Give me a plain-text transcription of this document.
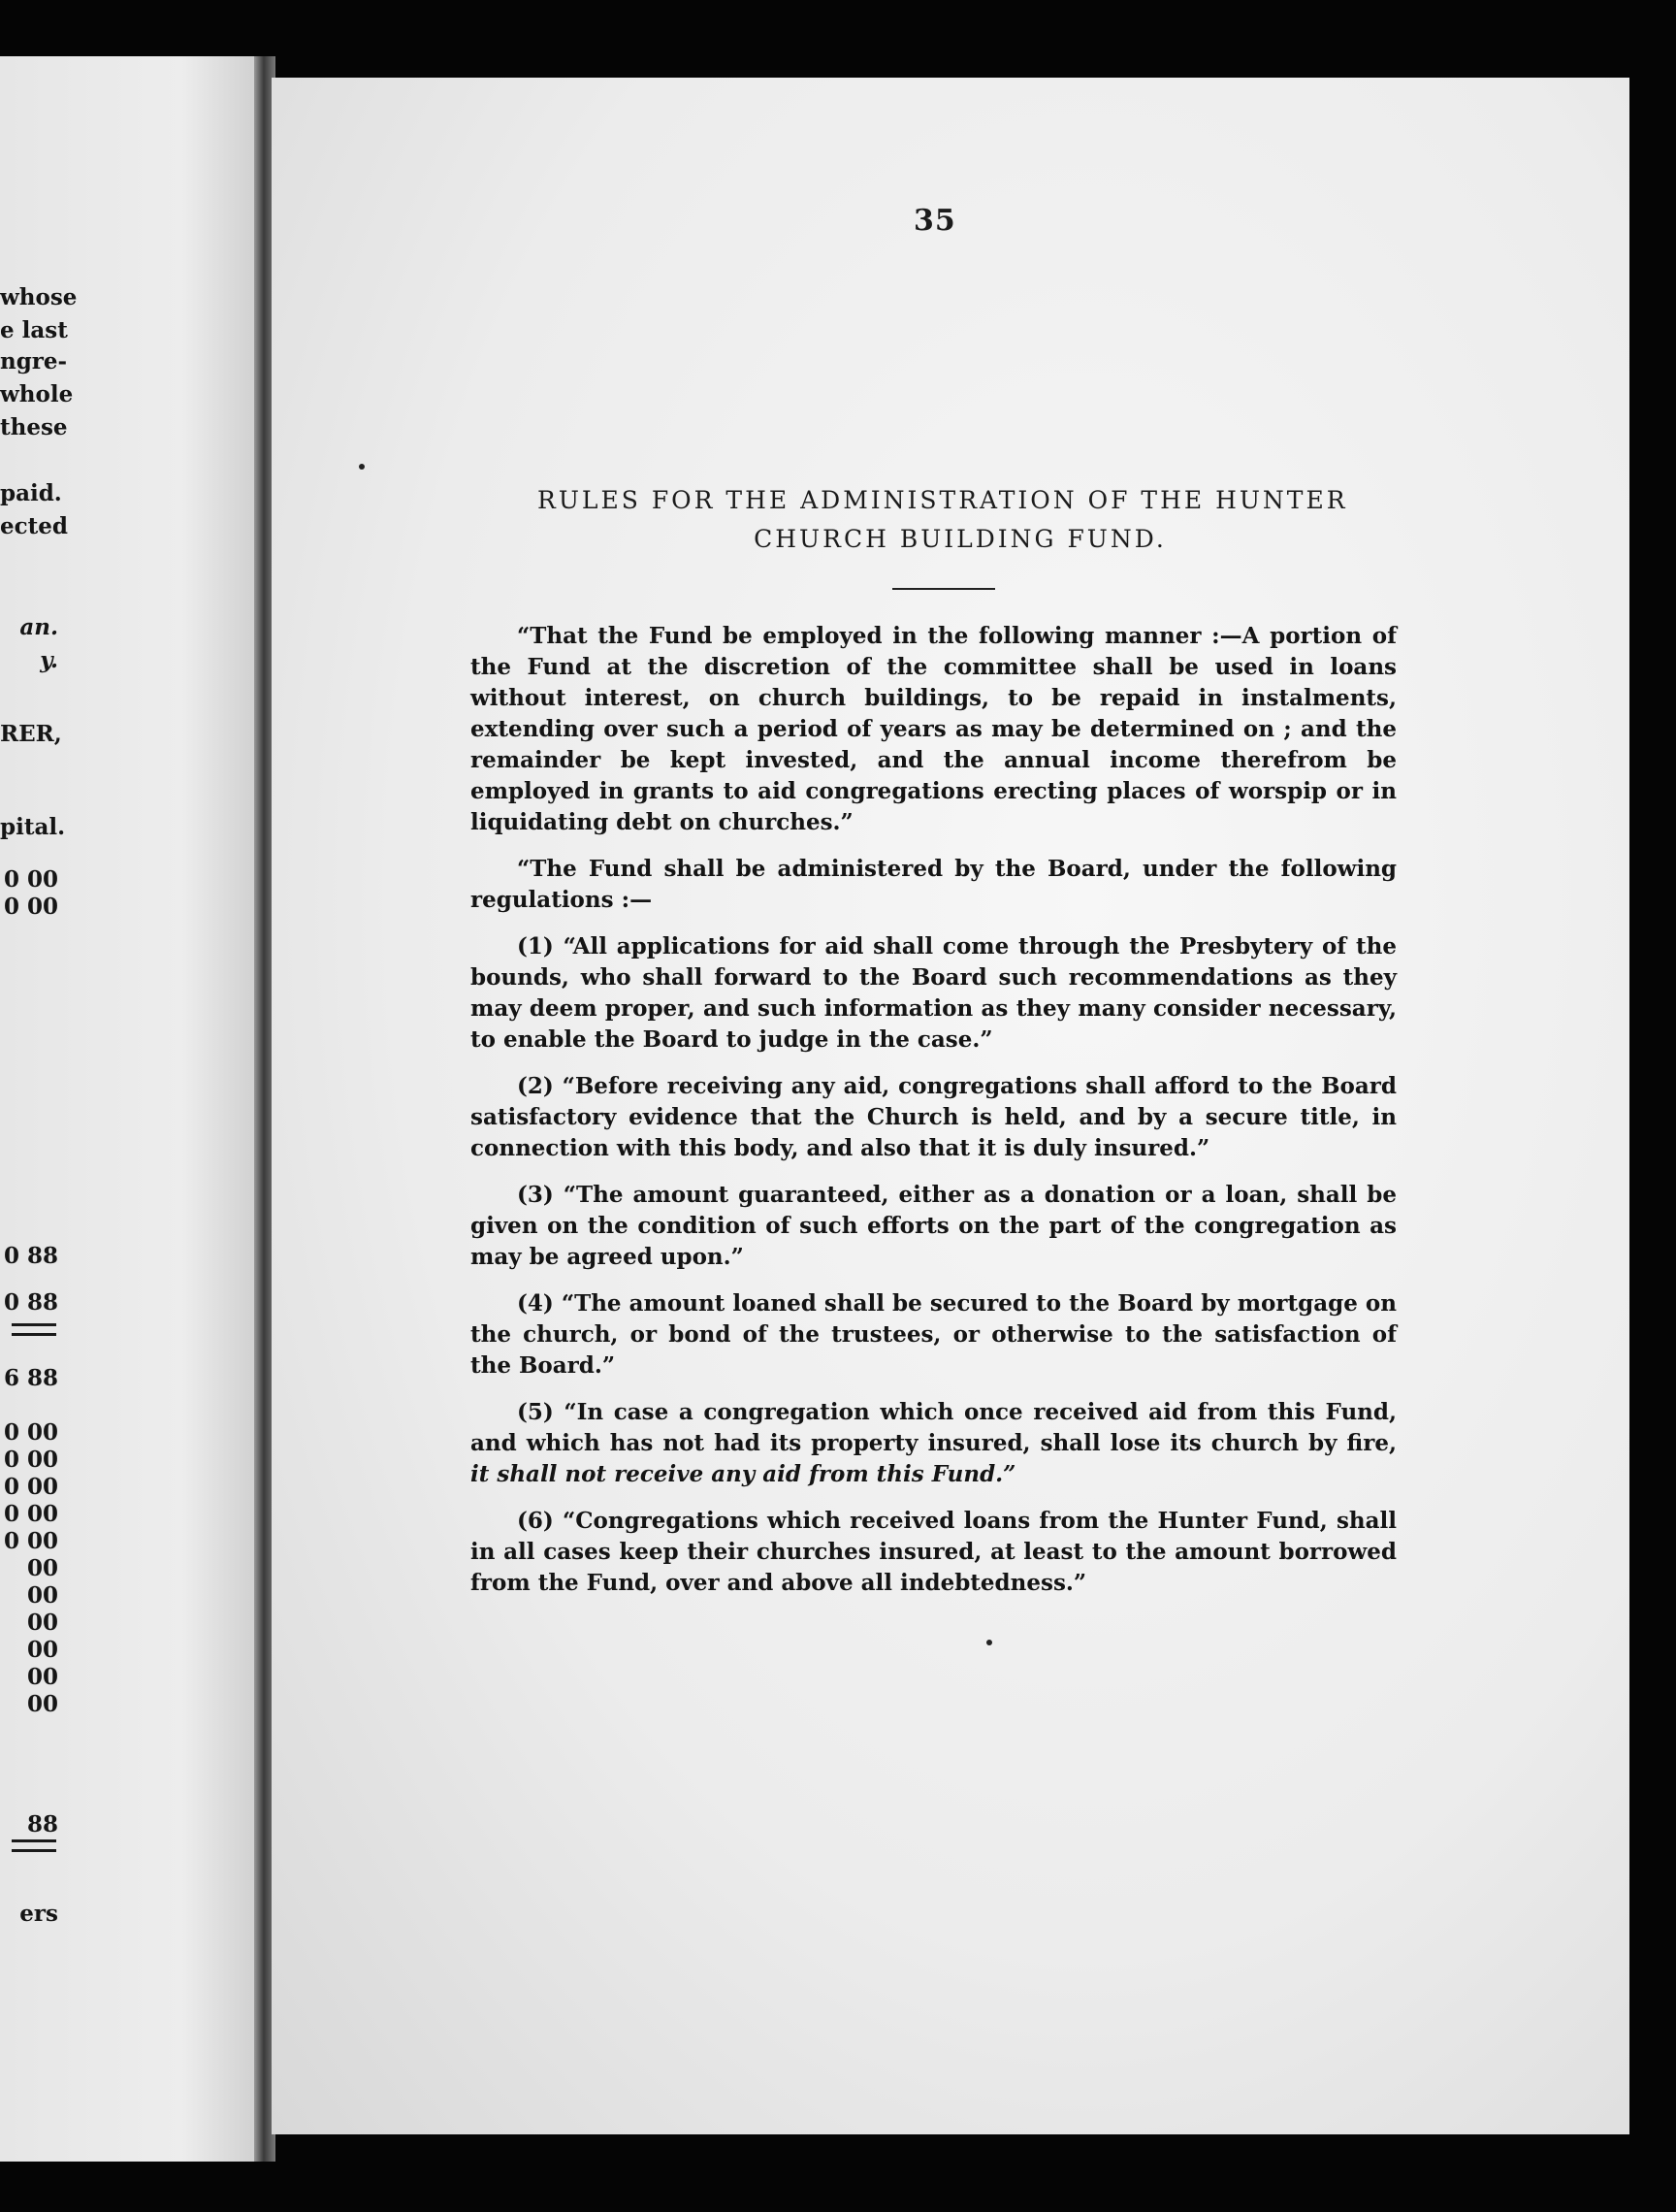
whose
e last
ngre-
whole
these
paid.
ected
an.
y.
RER,
pital.
0 00
0 00
0 88
0 88
6 88
0 00
0 00
0 00
0 00
0 00
00
00
00
00
00
00
88
ers
35
RULES FOR THE ADMINISTRATION OF THE HUNTER
CHURCH BUILDING FUND.

“That the Fund be employed in the following manner :—A portion of the Fund at the discretion of the committee shall be used in loans without interest, on church buildings, to be repaid in instalments, extending over such a period of years as may be determined on ; and the remainder be kept invested, and the annual income therefrom be employed in grants to aid congregations erecting places of worspip or in liquidating debt on churches.”

“The Fund shall be administered by the Board, under the following regulations :—

(1) “All applications for aid shall come through the Presbytery of the bounds, who shall forward to the Board such recommendations as they may deem proper, and such information as they many consider necessary, to enable the Board to judge in the case.”

(2) “Before receiving any aid, congregations shall afford to the Board satisfactory evidence that the Church is held, and by a secure title, in connection with this body, and also that it is duly insured.”

(3) “The amount guaranteed, either as a donation or a loan, shall be given on the condition of such efforts on the part of the congregation as may be agreed upon.”

(4) “The amount loaned shall be secured to the Board by mortgage on the church, or bond of the trustees, or otherwise to the satisfaction of the Board.”

(5) “In case a congregation which once received aid from this Fund, and which has not had its property insured, shall lose its church by fire, it shall not receive any aid from this Fund.”

(6) “Congregations which received loans from the Hunter Fund, shall in all cases keep their churches insured, at least to the amount borrowed from the Fund, over and above all indebtedness.”
